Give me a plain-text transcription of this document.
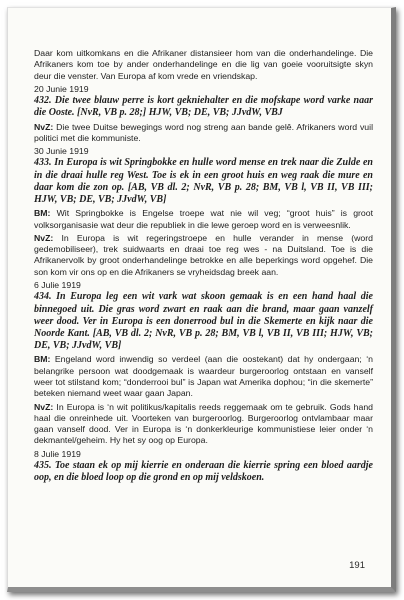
Daar kom uitkomkans en die Afrikaner distansieer hom van die onderhandelinge. Die Afrikaners kom toe by ander onderhandelinge en die lig van goeie vooruitsigte skyn deur die venster. Van Europa af kom vrede en vriendskap.

20 Junie 1919

432. Die twee blauw perre is kort gekniehalter en die mofskape word varke naar die Ooste. [NvR, VB p. 28;] HJW, VB; DE, VB; JJvdW, VBJ

NvZ: Die twee Duitse bewegings word nog streng aan bande gelê. Afrikaners word vuil politici met die kommuniste.

30 Junie 1919

433. In Europa is wit Springbokke en hulle word mense en trek naar die Zulde en in die draai hulle reg West. Toe is ek in een groot huis en weg raak die mure en daar kom die zon op. [AB, VB dl. 2; NvR, VB p. 28; BM, VB l, VB II, VB III; HJW, VB; DE, VB; JJvdW, VB]

BM: Wit Springbokke is Engelse troepe wat nie wil veg; “groot huis” is groot volksorganisasie wat deur die republiek in die lewe geroep word en is verweesnlik.

NvZ: In Europa is wit regeringstroepe en hulle verander in mense (word gedemobiliseer), trek suidwaarts en draai toe reg wes - na Duitsland. Toe is die Afrikanervolk by groot onderhandelinge betrokke en alle beperkings word opgehef. Die son kom vir ons op en die Afrikaners se vryheidsdag breek aan.

6 Julie 1919

434. In Europa leg een wit vark wat skoon gemaak is en een hand haal die binnegoed uit. Die gras word zwart en raak aan die brand, maar gaan vanzelf weer dood. Ver in Europa is een donerrood bul in die Skemerte en kijk naar die Noorde Kant. [AB, VB dl. 2; NvR, VB p. 28; BM, VB l, VB II, VB III; HJW, VB; DE, VB; JJvdW, VB]

BM: Engeland word inwendig so verdeel (aan die oostekant) dat hy ondergaan; ‘n belangrike persoon wat doodgemaak is waardeur burgeroorlog ontstaan en vanself weer tot stilstand kom; “donderrooi bul” is Japan wat Amerika dophou; “in die skemerte” beteken niemand weet waar gaan Japan.

NvZ: In Europa is ‘n wit politikus/kapitalis reeds reggemaak om te gebruik. Gods hand haal die onreinhede uit. Voorteken van burgeroorlog. Burgeroorlog ontvlambaar maar gaan vanself dood. Ver in Europa is ‘n donkerkleurige kommunistiese leier onder ‘n dekmantel/geheim. Hy het sy oog op Europa.

8 Julie 1919

435. Toe staan ek op mij kierrie en onderaan die kierrie spring een bloed aardje oop, en die bloed loop op die grond en op mij veldskoen.

191
